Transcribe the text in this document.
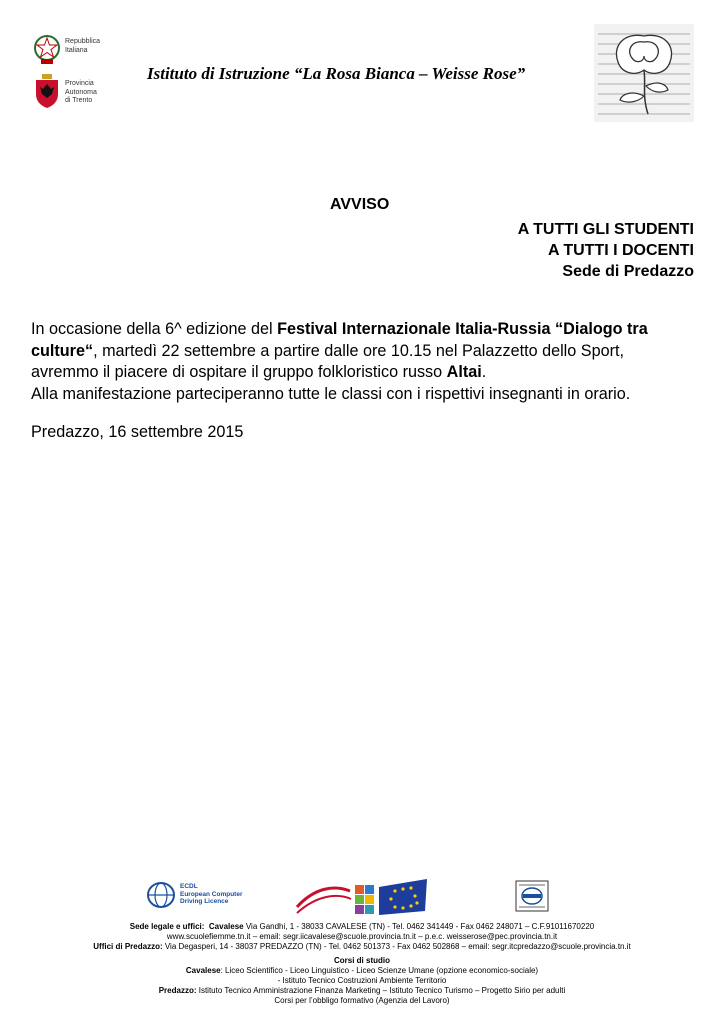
Repubblica
Italiana
Provincia
Autonoma
di Trento
Istituto di Istruzione “La Rosa Bianca – Weisse Rose”
AVVISO
A TUTTI GLI STUDENTI
A TUTTI I DOCENTI
Sede di Predazzo

In occasione della 6^ edizione del Festival Internazionale Italia-Russia “Dialogo tra culture“, martedì 22 settembre a partire dalle ore 10.15 nel Palazzetto dello Sport, avremmo il piacere di ospitare il gruppo folkloristico russo Altai.

Alla manifestazione parteciperanno tutte le classi con i rispettivi insegnanti in orario.

Predazzo, 16 settembre 2015
ECDL
European Computer
Driving Licence
Sede legale e uffici: Cavalese Via Gandhi, 1 - 38033 CAVALESE (TN) - Tel. 0462 341449 - Fax 0462 248071 – C.F.91011670220
www.scuolefiemme.tn.it – email: segr.iicavalese@scuole.provincia.tn.it – p.e.c. weisserose@pec.provincia.tn.it
Uffici di Predazzo: Via Degasperi, 14 - 38037 PREDAZZO (TN) - Tel. 0462 501373 - Fax 0462 502868 – email: segr.itcpredazzo@scuole.provincia.tn.it
Corsi di studio
Cavalese: Liceo Scientifico - Liceo Linguistico - Liceo Scienze Umane (opzione economico-sociale)
- Istituto Tecnico Costruzioni Ambiente Territorio
Predazzo: Istituto Tecnico Amministrazione Finanza Marketing – Istituto Tecnico Turismo – Progetto Sirio per adulti
Corsi per l’obbligo formativo (Agenzia del Lavoro)
